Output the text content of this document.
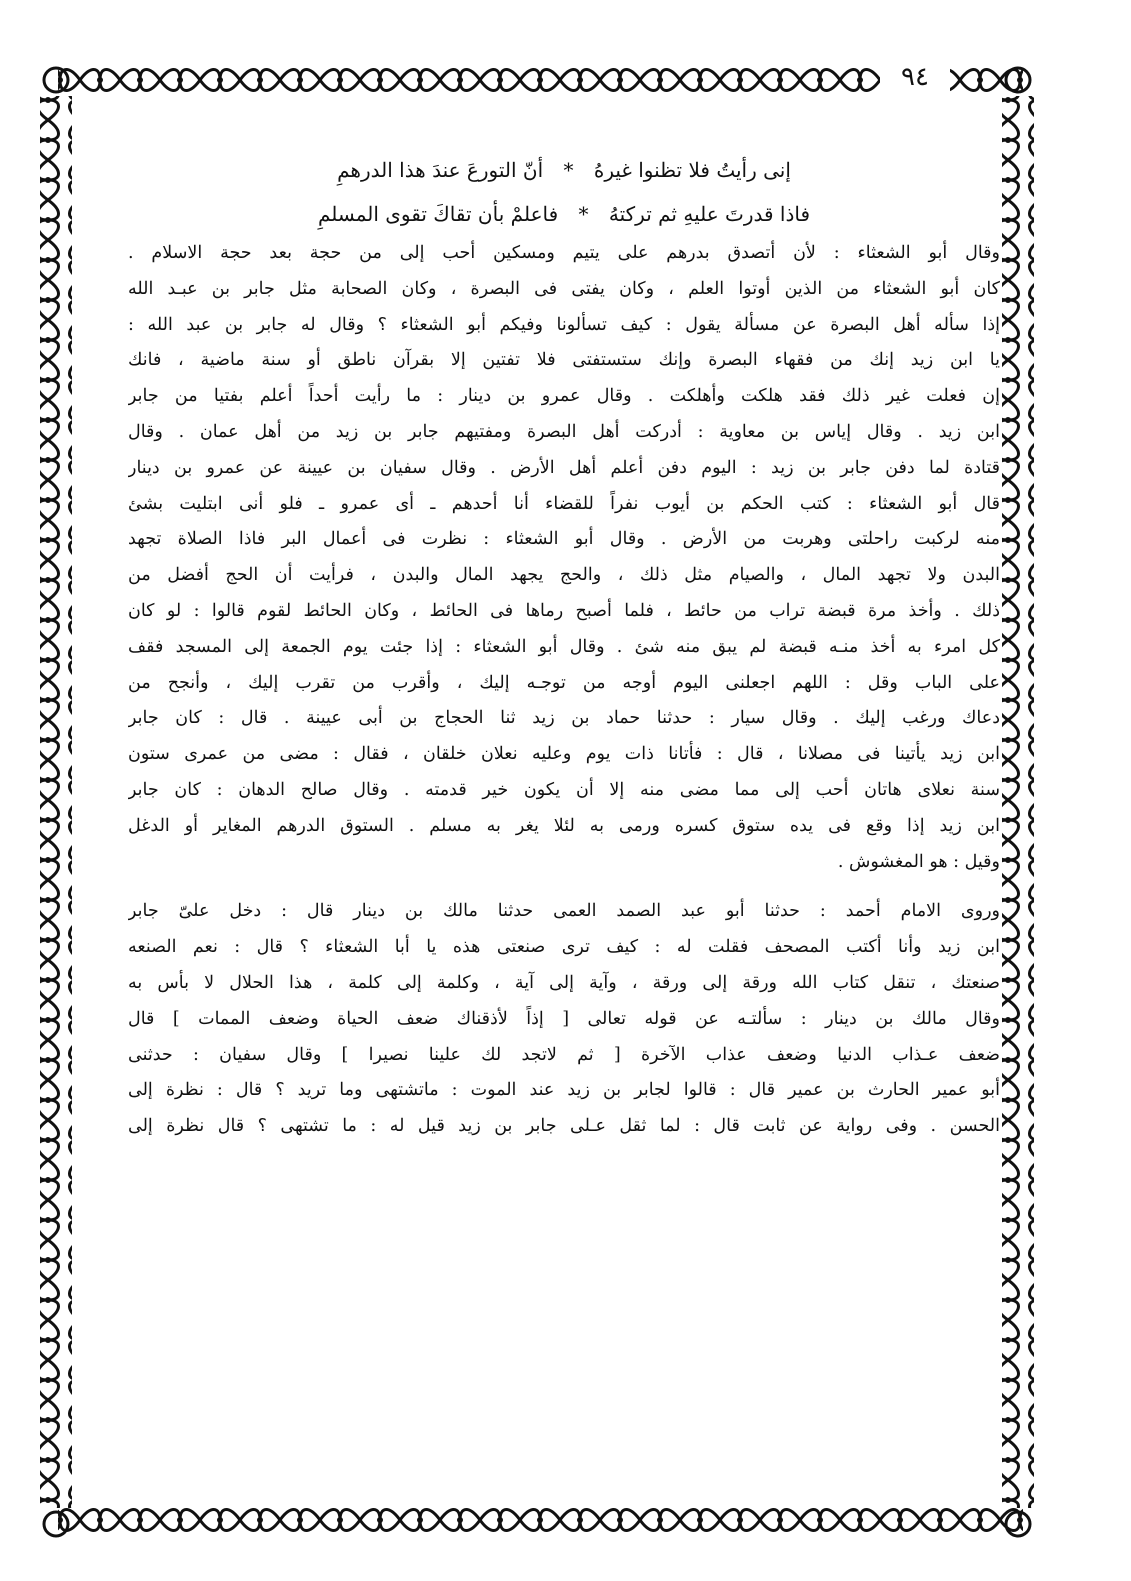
٩٤
إنى رأيتُ فلا تظنوا غيرهُ * أنّ التورعَ عندَ هذا الدرهمِ
فاذا قدرتَ عليهِ ثم تركتهُ * فاعلمْ بأن تقاكَ تقوى المسلمِ
وقال أبو الشعثاء : لأن أتصدق بدرهم على يتيم ومسكين أحب إلى من حجة بعد حجة الاسلام .
كان أبو الشعثاء من الذين أوتوا العلم ، وكان يفتى فى البصرة ، وكان الصحابة مثل جابر بن عبـد الله
إذا سأله أهل البصرة عن مسألة يقول : كيف تسألونا وفيكم أبو الشعثاء ؟ وقال له جابر بن عبد الله :
يا ابن زيد إنك من فقهاء البصرة وإنك ستستفتى فلا تفتين إلا بقرآن ناطق أو سنة ماضية ، فانك
إن فعلت غير ذلك فقد هلكت وأهلكت . وقال عمرو بن دينار : ما رأيت أحداً أعلم بفتيا من جابر
ابن زيد . وقال إياس بن معاوية : أدركت أهل البصرة ومفتيهم جابر بن زيد من أهل عمان . وقال
قتادة لما دفن جابر بن زيد : اليوم دفن أعلم أهل الأرض . وقال سفيان بن عيينة عن عمرو بن دينار
قال أبو الشعثاء : كتب الحكم بن أيوب نفراً للقضاء أنا أحدهم ـ أى عمرو ـ فلو أنى ابتليت بشئ
منه لركبت راحلتى وهربت من الأرض . وقال أبو الشعثاء : نظرت فى أعمال البر فاذا الصلاة تجهد
البدن ولا تجهد المال ، والصيام مثل ذلك ، والحج يجهد المال والبدن ، فرأيت أن الحج أفضل من
ذلك . وأخذ مرة قبضة تراب من حائط ، فلما أصبح رماها فى الحائط ، وكان الحائط لقوم قالوا : لو كان
كل امرء به أخذ منـه قبضة لم يبق منه شئ . وقال أبو الشعثاء : إذا جئت يوم الجمعة إلى المسجد فقف
على الباب وقل : اللهم اجعلنى اليوم أوجه من توجـه إليك ، وأقرب من تقرب إليك ، وأنجح من
دعاك ورغب إليك . وقال سيار : حدثنا حماد بن زيد ثنا الحجاج بن أبى عيينة . قال : كان جابر
ابن زيد يأتينا فى مصلانا ، قال : فأتانا ذات يوم وعليه نعلان خلقان ، فقال : مضى من عمرى ستون
سنة نعلاى هاتان أحب إلى مما مضى منه إلا أن يكون خير قدمته . وقال صالح الدهان : كان جابر
ابن زيد إذا وقع فى يده ستوق كسره ورمى به لئلا يغر به مسلم . الستوق الدرهم المغاير أو الدغل
وقيل : هو المغشوش .
وروى الامام أحمد : حدثنا أبو عبد الصمد العمى حدثنا مالك بن دينار قال : دخل علىّ جابر
ابن زيد وأنا أكتب المصحف فقلت له : كيف ترى صنعتى هذه يا أبا الشعثاء ؟ قال : نعم الصنعه
صنعتك ، تنقل كتاب الله ورقة إلى ورقة ، وآية إلى آية ، وكلمة إلى كلمة ، هذا الحلال لا بأس به
وقال مالك بن دينار : سألتـه عن قوله تعالى [ إذاً لأذقناك ضعف الحياة وضعف الممات ] قال
ضعف عـذاب الدنيا وضعف عذاب الآخرة [ ثم لاتجد لك علينا نصيرا ] وقال سفيان : حدثنى
أبو عمير الحارث بن عمير قال : قالوا لجابر بن زيد عند الموت : ماتشتهى وما تريد ؟ قال : نظرة إلى
الحسن . وفى رواية عن ثابت قال : لما ثقل عـلى جابر بن زيد قيل له : ما تشتهى ؟ قال نظرة إلى
